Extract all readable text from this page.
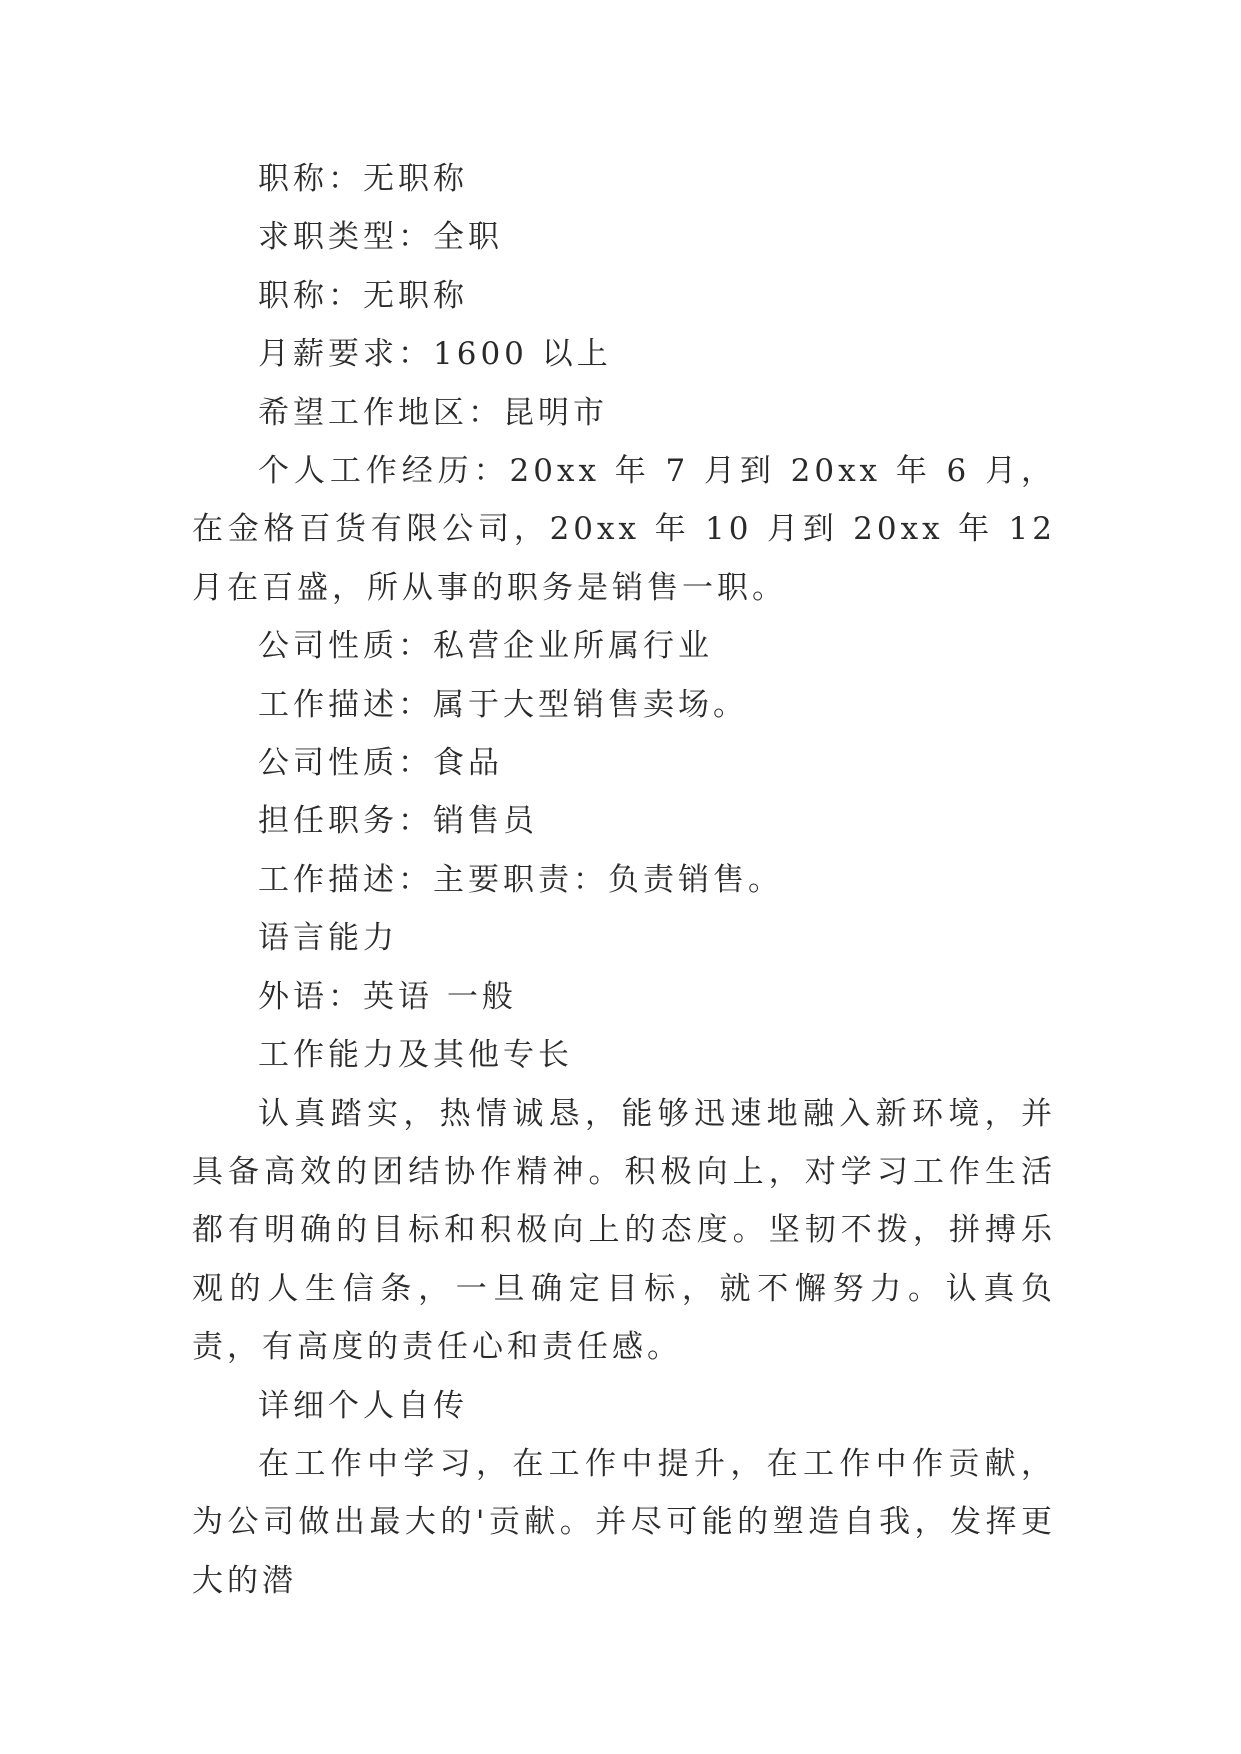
职称：无职称

求职类型：全职

职称：无职称

月薪要求：1600 以上

希望工作地区：昆明市

个人工作经历：20xx 年 7 月到 20xx 年 6 月，在金格百货有限公司，20xx 年 10 月到 20xx 年 12 月在百盛，所从事的职务是销售一职。

公司性质：私营企业所属行业

工作描述：属于大型销售卖场。

公司性质：食品

担任职务：销售员

工作描述：主要职责：负责销售。

语言能力

外语：英语 一般

工作能力及其他专长

认真踏实，热情诚恳，能够迅速地融入新环境，并具备高效的团结协作精神。积极向上，对学习工作生活都有明确的目标和积极向上的态度。坚韧不拨，拼搏乐观的人生信条，一旦确定目标，就不懈努力。认真负责，有高度的责任心和责任感。

详细个人自传

在工作中学习，在工作中提升，在工作中作贡献，为公司做出最大的'贡献。并尽可能的塑造自我，发挥更大的潜
